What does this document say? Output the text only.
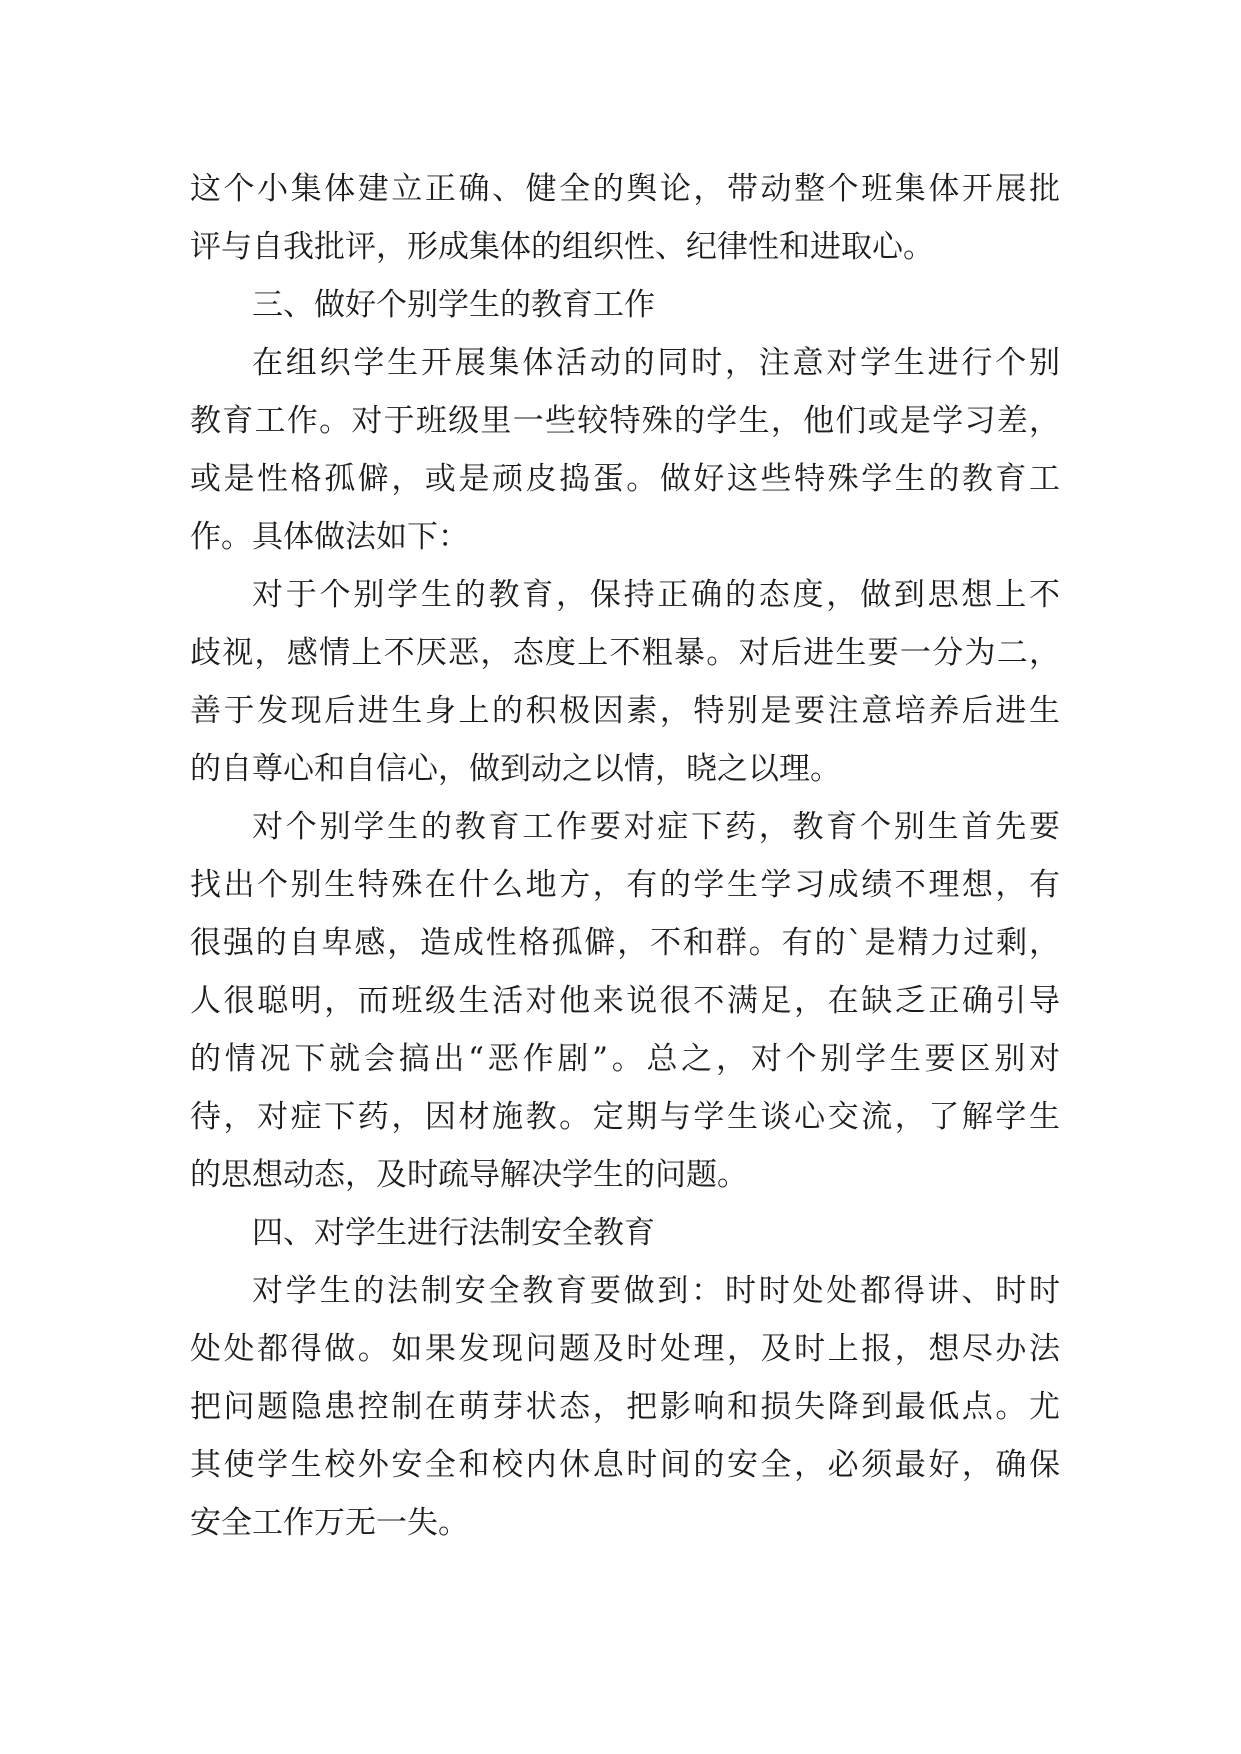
这个小集体建立正确、健全的舆论，带动整个班集体开展批
评与自我批评，形成集体的组织性、纪律性和进取心。
三、做好个别学生的教育工作
在组织学生开展集体活动的同时，注意对学生进行个别
教育工作。对于班级里一些较特殊的学生，他们或是学习差，
或是性格孤僻，或是顽皮捣蛋。做好这些特殊学生的教育工
作。具体做法如下：
对于个别学生的教育，保持正确的态度，做到思想上不
歧视，感情上不厌恶，态度上不粗暴。对后进生要一分为二，
善于发现后进生身上的积极因素，特别是要注意培养后进生
的自尊心和自信心，做到动之以情，晓之以理。
对个别学生的教育工作要对症下药，教育个别生首先要
找出个别生特殊在什么地方，有的学生学习成绩不理想，有
很强的自卑感，造成性格孤僻，不和群。有的`是精力过剩，
人很聪明，而班级生活对他来说很不满足，在缺乏正确引导
的情况下就会搞出“恶作剧”。总之，对个别学生要区别对
待，对症下药，因材施教。定期与学生谈心交流，了解学生
的思想动态，及时疏导解决学生的问题。
四、对学生进行法制安全教育
对学生的法制安全教育要做到：时时处处都得讲、时时
处处都得做。如果发现问题及时处理，及时上报，想尽办法
把问题隐患控制在萌芽状态，把影响和损失降到最低点。尤
其使学生校外安全和校内休息时间的安全，必须最好，确保
安全工作万无一失。
